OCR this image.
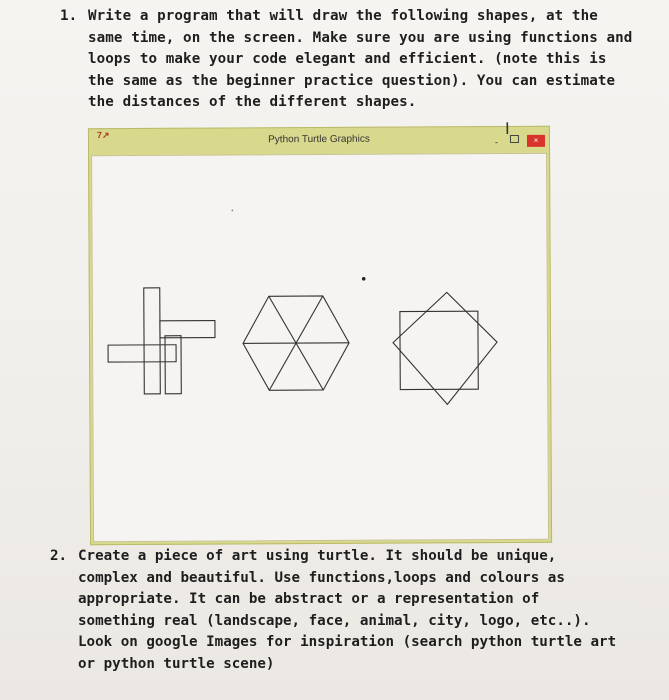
1. Write a program that will draw the following shapes, at the
same time, on the screen. Make sure you are using functions and
loops to make your code elegant and efficient. (note this is
the same as the beginner practice question). You can estimate
the distances of the different shapes.
7↗	Python Turtle Graphics
I
-	×
2. Create a piece of art using turtle. It should be unique,
complex and beautiful. Use functions,loops and colours as
appropriate. It can be abstract or a representation of
something real (landscape, face, animal, city, logo, etc..).
Look on google Images for inspiration (search python turtle art
or python turtle scene)
